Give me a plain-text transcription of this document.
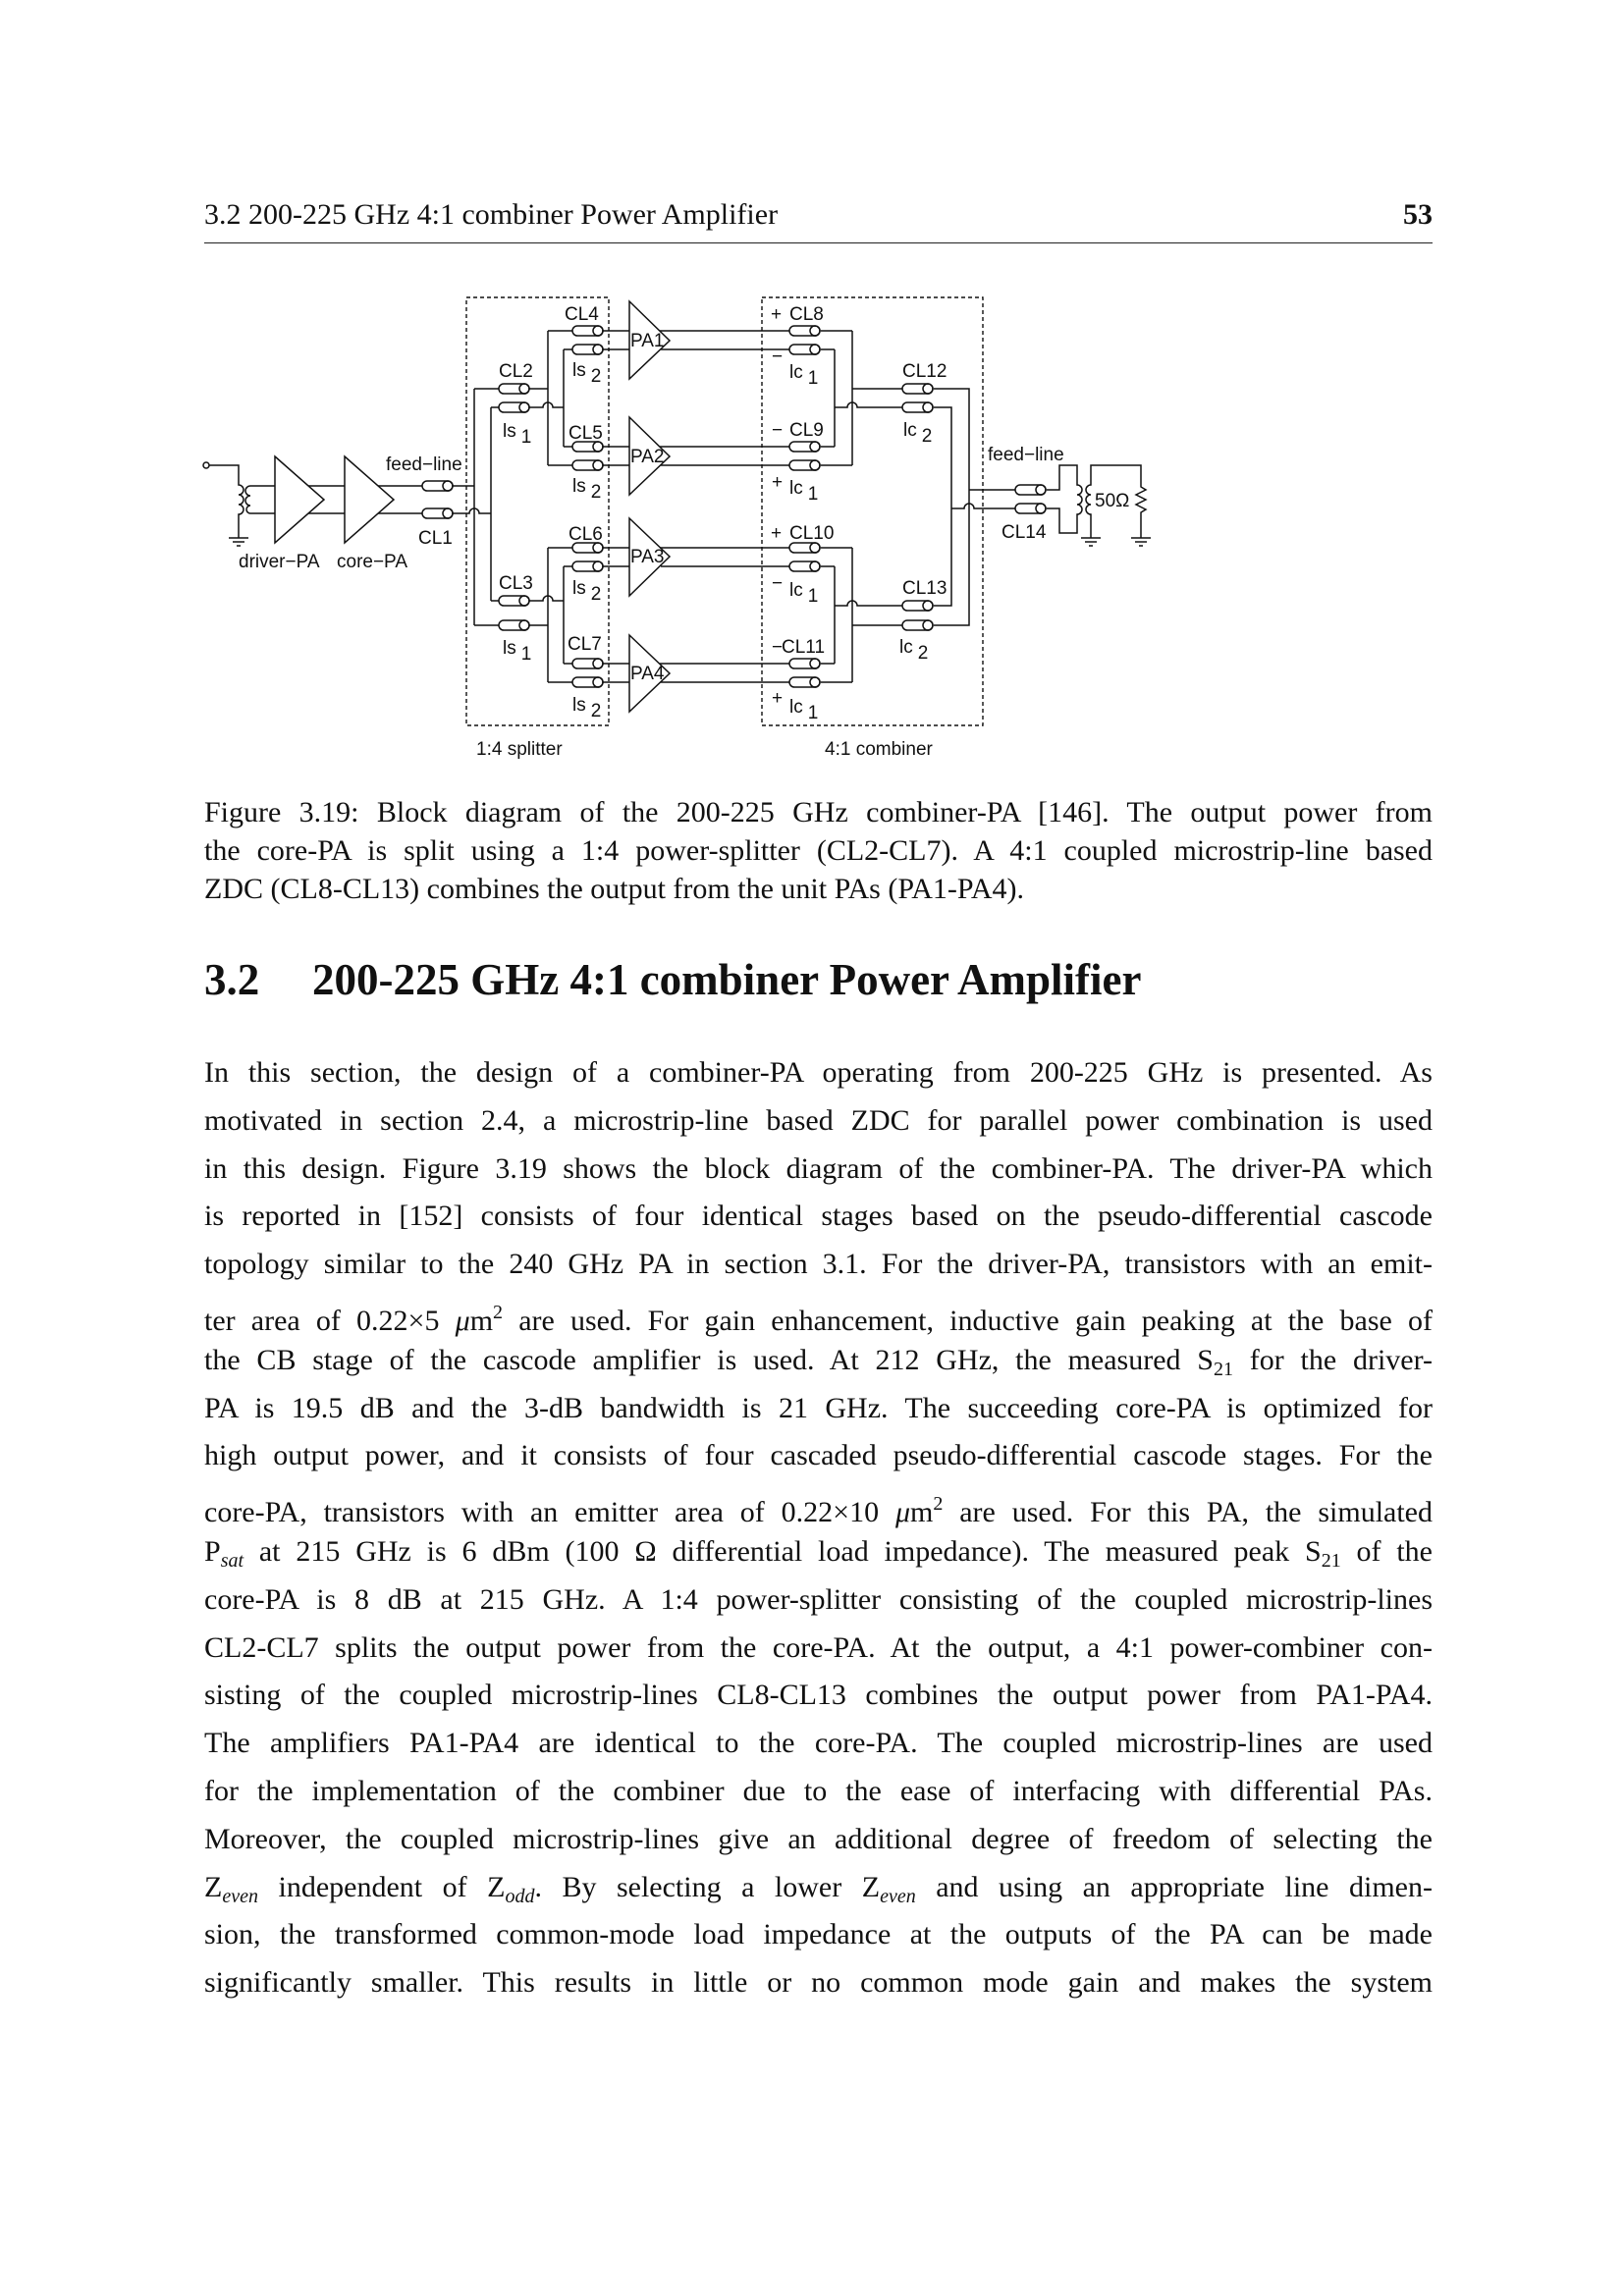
3.2 200-225 GHz 4:1 combiner Power Amplifier	53
driver−PA core−PA
feed−line
CL1
CL2
CL3
CL4
CL5
CL6
CL7
ls 1
ls 1
ls 2
ls 2
ls 2
ls 2
PA1
PA2
PA3
PA4
+ CL8
−
− CL9
+
+ CL10
−
−
CL11
+
lc 1
lc 1
lc 1
lc 1
CL12
lc 2
CL13
lc 2
feed−line
CL14
50Ω
1:4 splitter	4:1 combiner
Figure 3.19: Block diagram of the 200-225 GHz combiner-PA [146]. The output power from
the core-PA is split using a 1:4 power-splitter (CL2-CL7). A 4:1 coupled microstrip-line based
ZDC (CL8-CL13) combines the output from the unit PAs (PA1-PA4).
3.2 200-225 GHz 4:1 combiner Power Amplifier
In this section, the design of a combiner-PA operating from 200-225 GHz is presented. As
motivated in section 2.4, a microstrip-line based ZDC for parallel power combination is used
in this design. Figure 3.19 shows the block diagram of the combiner-PA. The driver-PA which
is reported in [152] consists of four identical stages based on the pseudo-differential cascode
topology similar to the 240 GHz PA in section 3.1. For the driver-PA, transistors with an emit-
ter area of 0.22×5 $\mu m^2$ are used. For gain enhancement, inductive gain peaking at the base of
the CB stage of the cascode amplifier is used. At 212 GHz, the measured $S_{21}$ for the driver-
PA is 19.5 dB and the 3-dB bandwidth is 21 GHz. The succeeding core-PA is optimized for
high output power, and it consists of four cascaded pseudo-differential cascode stages. For the
core-PA, transistors with an emitter area of 0.22×10 $\mu m^2$ are used. For this PA, the simulated
$P_{sat}$ at 215 GHz is 6 dBm (100 Ω differential load impedance). The measured peak $S_{21}$ of the
core-PA is 8 dB at 215 GHz. A 1:4 power-splitter consisting of the coupled microstrip-lines
CL2-CL7 splits the output power from the core-PA. At the output, a 4:1 power-combiner con-
sisting of the coupled microstrip-lines CL8-CL13 combines the output power from PA1-PA4.
The amplifiers PA1-PA4 are identical to the core-PA. The coupled microstrip-lines are used
for the implementation of the combiner due to the ease of interfacing with differential PAs.
Moreover, the coupled microstrip-lines give an additional degree of freedom of selecting the
$Z_{even}$ independent of $Z_{odd}$. By selecting a lower $Z_{even}$ and using an appropriate line dimen-
sion, the transformed common-mode load impedance at the outputs of the PA can be made
significantly smaller. This results in little or no common mode gain and makes the system
